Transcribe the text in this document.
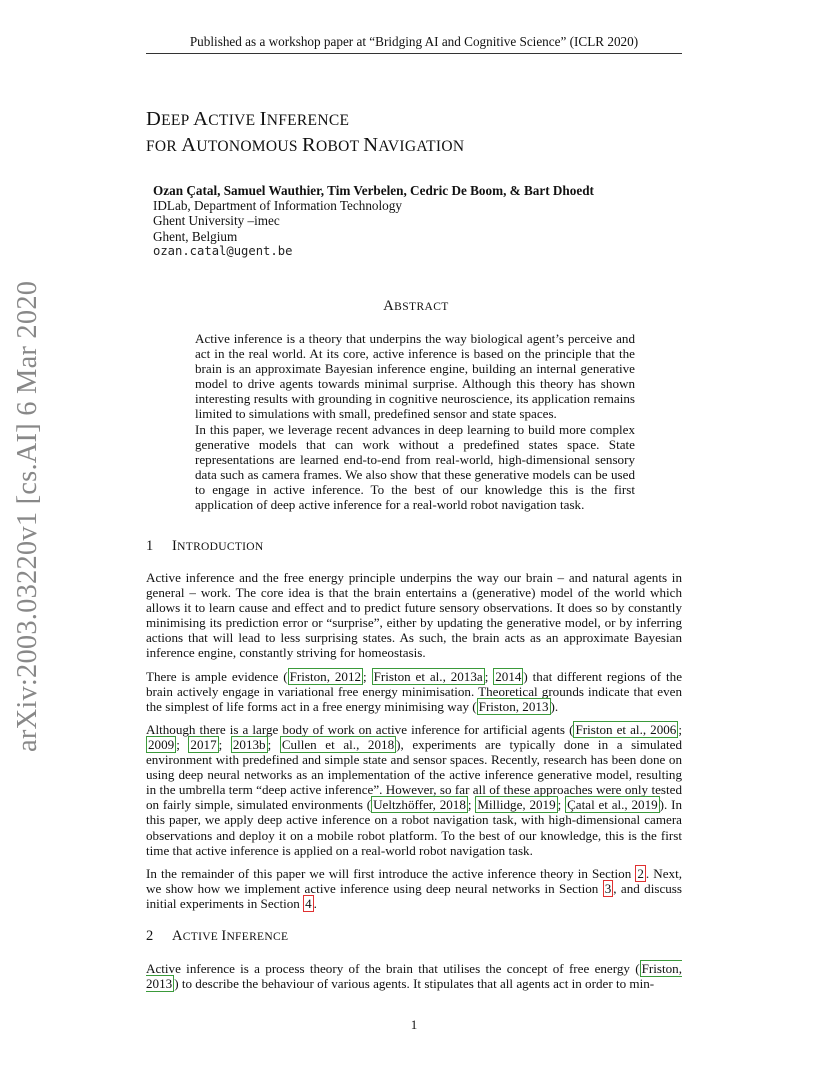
Published as a workshop paper at “Bridging AI and Cognitive Science” (ICLR 2020)
DEEP ACTIVE INFERENCE
FOR AUTONOMOUS ROBOT NAVIGATION
Ozan Çatal, Samuel Wauthier, Tim Verbelen, Cedric De Boom, & Bart Dhoedt
IDLab, Department of Information Technology
Ghent University –imec
Ghent, Belgium
ozan.catal@ugent.be
arXiv:2003.03220v1 [cs.AI] 6 Mar 2020	ABSTRACT

Active inference is a theory that underpins the way biological agent’s perceive and act in the real world. At its core, active inference is based on the principle that the brain is an approximate Bayesian inference engine, building an internal generative model to drive agents towards minimal surprise. Although this theory has shown interesting results with grounding in cognitive neuroscience, its application remains limited to simulations with small, predefined sensor and state spaces.

In this paper, we leverage recent advances in deep learning to build more complex generative models that can work without a predefined states space. State representations are learned end-to-end from real-world, high-dimensional sensory data such as camera frames. We also show that these generative models can be used to engage in active inference. To the best of our knowledge this is the first application of deep active inference for a real-world robot navigation task.

1 INTRODUCTION

Active inference and the free energy principle underpins the way our brain – and natural agents in general – work. The core idea is that the brain entertains a (generative) model of the world which allows it to learn cause and effect and to predict future sensory observations. It does so by constantly minimising its prediction error or “surprise”, either by updating the generative model, or by inferring actions that will lead to less surprising states. As such, the brain acts as an approximate Bayesian inference engine, constantly striving for homeostasis.

There is ample evidence ( Friston, 2012 ; Friston et al., 2013a ; 2014 ) that different regions of the brain actively engage in variational free energy minimisation. Theoretical grounds indicate that even the simplest of life forms act in a free energy minimising way ( Friston, 2013 ).

Although there is a large body of work on active inference for artificial agents ( Friston et al., 2006 ; 2009 ; 2017 ; 2013b ; Cullen et al., 2018 ), experiments are typically done in a simulated environment with predefined and simple state and sensor spaces. Recently, research has been done on using deep neural networks as an implementation of the active inference generative model, resulting in the umbrella term “deep active inference”. However, so far all of these approaches were only tested on fairly simple, simulated environments ( Ueltzhöffer, 2018 ; Millidge, 2019 ; Çatal et al., 2019 ). In this paper, we apply deep active inference on a robot navigation task, with high-dimensional camera observations and deploy it on a mobile robot platform. To the best of our knowledge, this is the first time that active inference is applied on a real-world robot navigation task.

In the remainder of this paper we will first introduce the active inference theory in Section 2 . Next, we show how we implement active inference using deep neural networks in Section 3 , and discuss initial experiments in Section 4 .

2 ACTIVE INFERENCE

Active inference is a process theory of the brain that utilises the concept of free energy ( Friston, 2013 ) to describe the behaviour of various agents. It stipulates that all agents act in order to min-

1
